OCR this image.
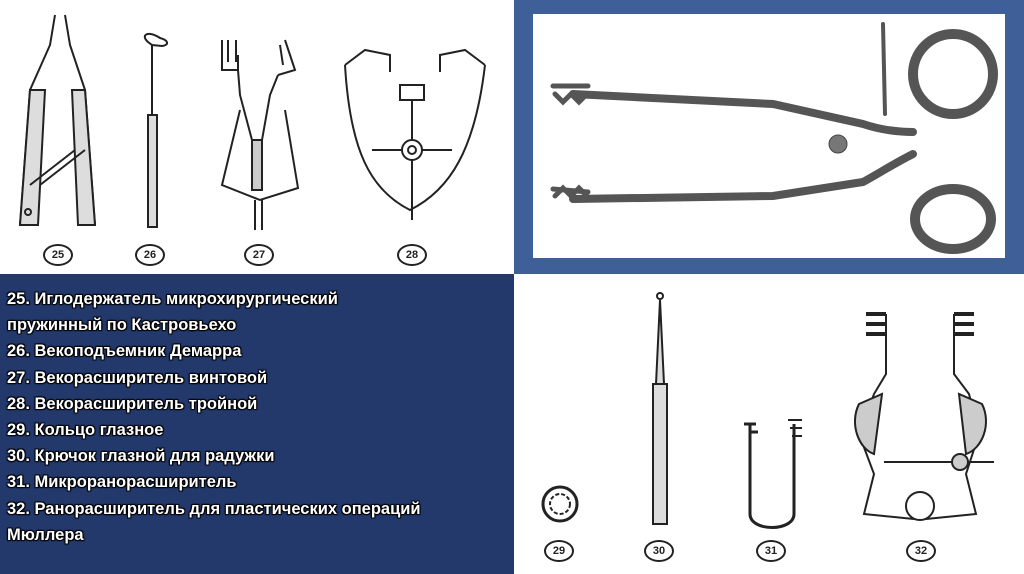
25	26	27	28
25. Иглодержатель микрохирургический
пружинный по Кастровьехо
26. Векоподъемник Демарра
27. Векорасширитель винтовой
28. Векорасширитель тройной
29. Кольцо глазное
30. Крючок глазной для радужки
31. Микроранорасширитель
32. Ранорасширитель для пластических операций
Мюллера
29	30	31	32
